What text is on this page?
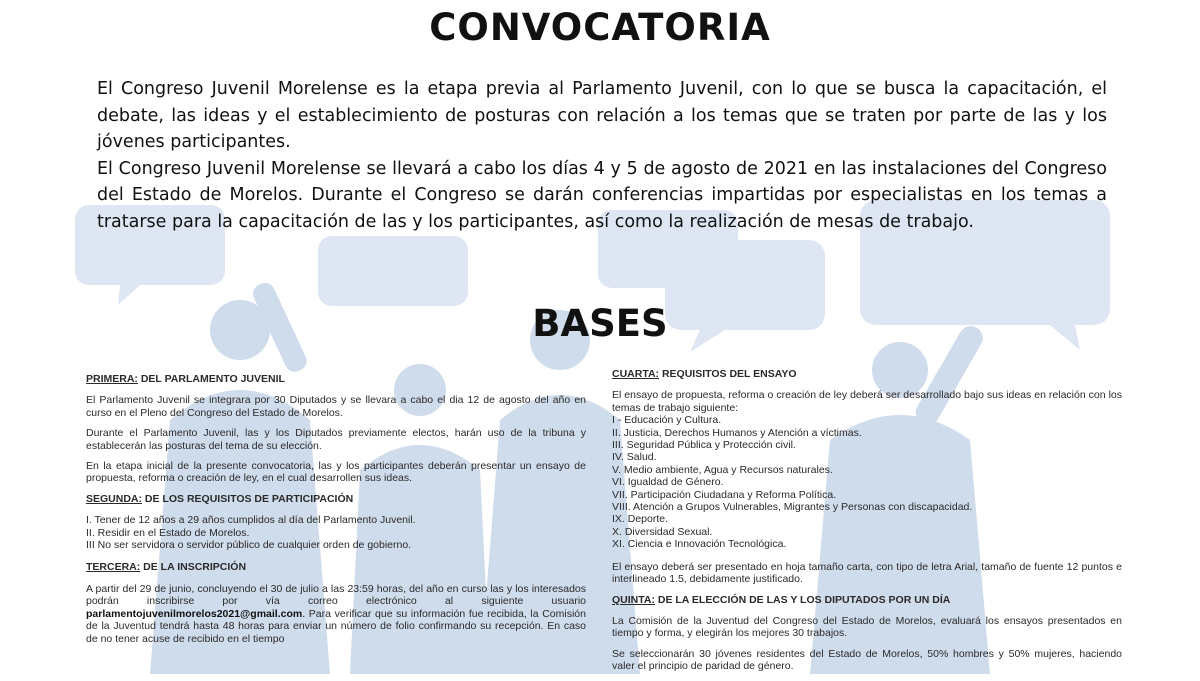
CONVOCATORIA

El Congreso Juvenil Morelense es la etapa previa al Parlamento Juvenil, con lo que se busca la capacitación, el debate, las ideas y el establecimiento de posturas con relación a los temas que se traten por parte de las y los jóvenes participantes.

El Congreso Juvenil Morelense se llevará a cabo los días 4 y 5 de agosto de 2021 en las instalaciones del Congreso del Estado de Morelos. Durante el Congreso se darán conferencias impartidas por especialistas en los temas a tratarse para la capacitación de las y los participantes, así como la realización de mesas de trabajo.

BASES
PRIMERA: DEL PARLAMENTO JUVENIL

El Parlamento Juvenil se integrara por 30 Diputados y se llevara a cabo el dia 12 de agosto del año en curso en el Pleno del Congreso del Estado de Morelos.

Durante el Parlamento Juvenil, las y los Diputados previamente electos, harán uso de la tribuna y establecerán las posturas del tema de su elección.

En la etapa inicial de la presente convocatoria, las y los participantes deberán presentar un ensayo de propuesta, reforma o creación de ley, en el cual desarrollen sus ideas.

SEGUNDA: DE LOS REQUISITOS DE PARTICIPACIÓN
I. Tener de 12 años a 29 años cumplidos al día del Parlamento Juvenil.
II. Residir en el Estado de Morelos.
III No ser servidora o servidor público de cualquier orden de gobierno.
TERCERA: DE LA INSCRIPCIÓN

A partir del 29 de junio, concluyendo el 30 de julio a las 23:59 horas, del año en curso las y los interesados podrán inscribirse por vía correo electrónico al siguiente usuario parlamentojuvenilmorelos2021@gmail.com. Para verificar que su información fue recibida, la Comisión de la Juventud tendrá hasta 48 horas para enviar un número de folio confirmando su recepción. En caso de no tener acuse de recibido en el tiempo

CUARTA: REQUISITOS DEL ENSAYO

El ensayo de propuesta, reforma o creación de ley deberá ser desarrollado bajo sus ideas en relación con los temas de trabajo siguiente:

I - Educación y Cultura.
II. Justicia, Derechos Humanos y Atención a víctimas.
III. Seguridad Pública y Protección civil.
IV. Salud.
V. Medio ambiente, Agua y Recursos naturales.
VI. Igualdad de Género.
VII. Participación Ciudadana y Reforma Política.
VIII. Atención a Grupos Vulnerables, Migrantes y Personas con discapacidad.
IX. Deporte.
X. Diversidad Sexual.
XI. Ciencia e Innovación Tecnológica.

El ensayo deberá ser presentado en hoja tamaño carta, con tipo de letra Arial, tamaño de fuente 12 puntos e interlineado 1.5, debidamente justificado.

QUINTA: DE LA ELECCIÓN DE LAS Y LOS DIPUTADOS POR UN DÍA

La Comisión de la Juventud del Congreso del Estado de Morelos, evaluará los ensayos presentados en tiempo y forma, y elegirán los mejores 30 trabajos.

Se seleccionarán 30 jóvenes residentes del Estado de Morelos, 50% hombres y 50% mujeres, haciendo valer el principio de paridad de género.
